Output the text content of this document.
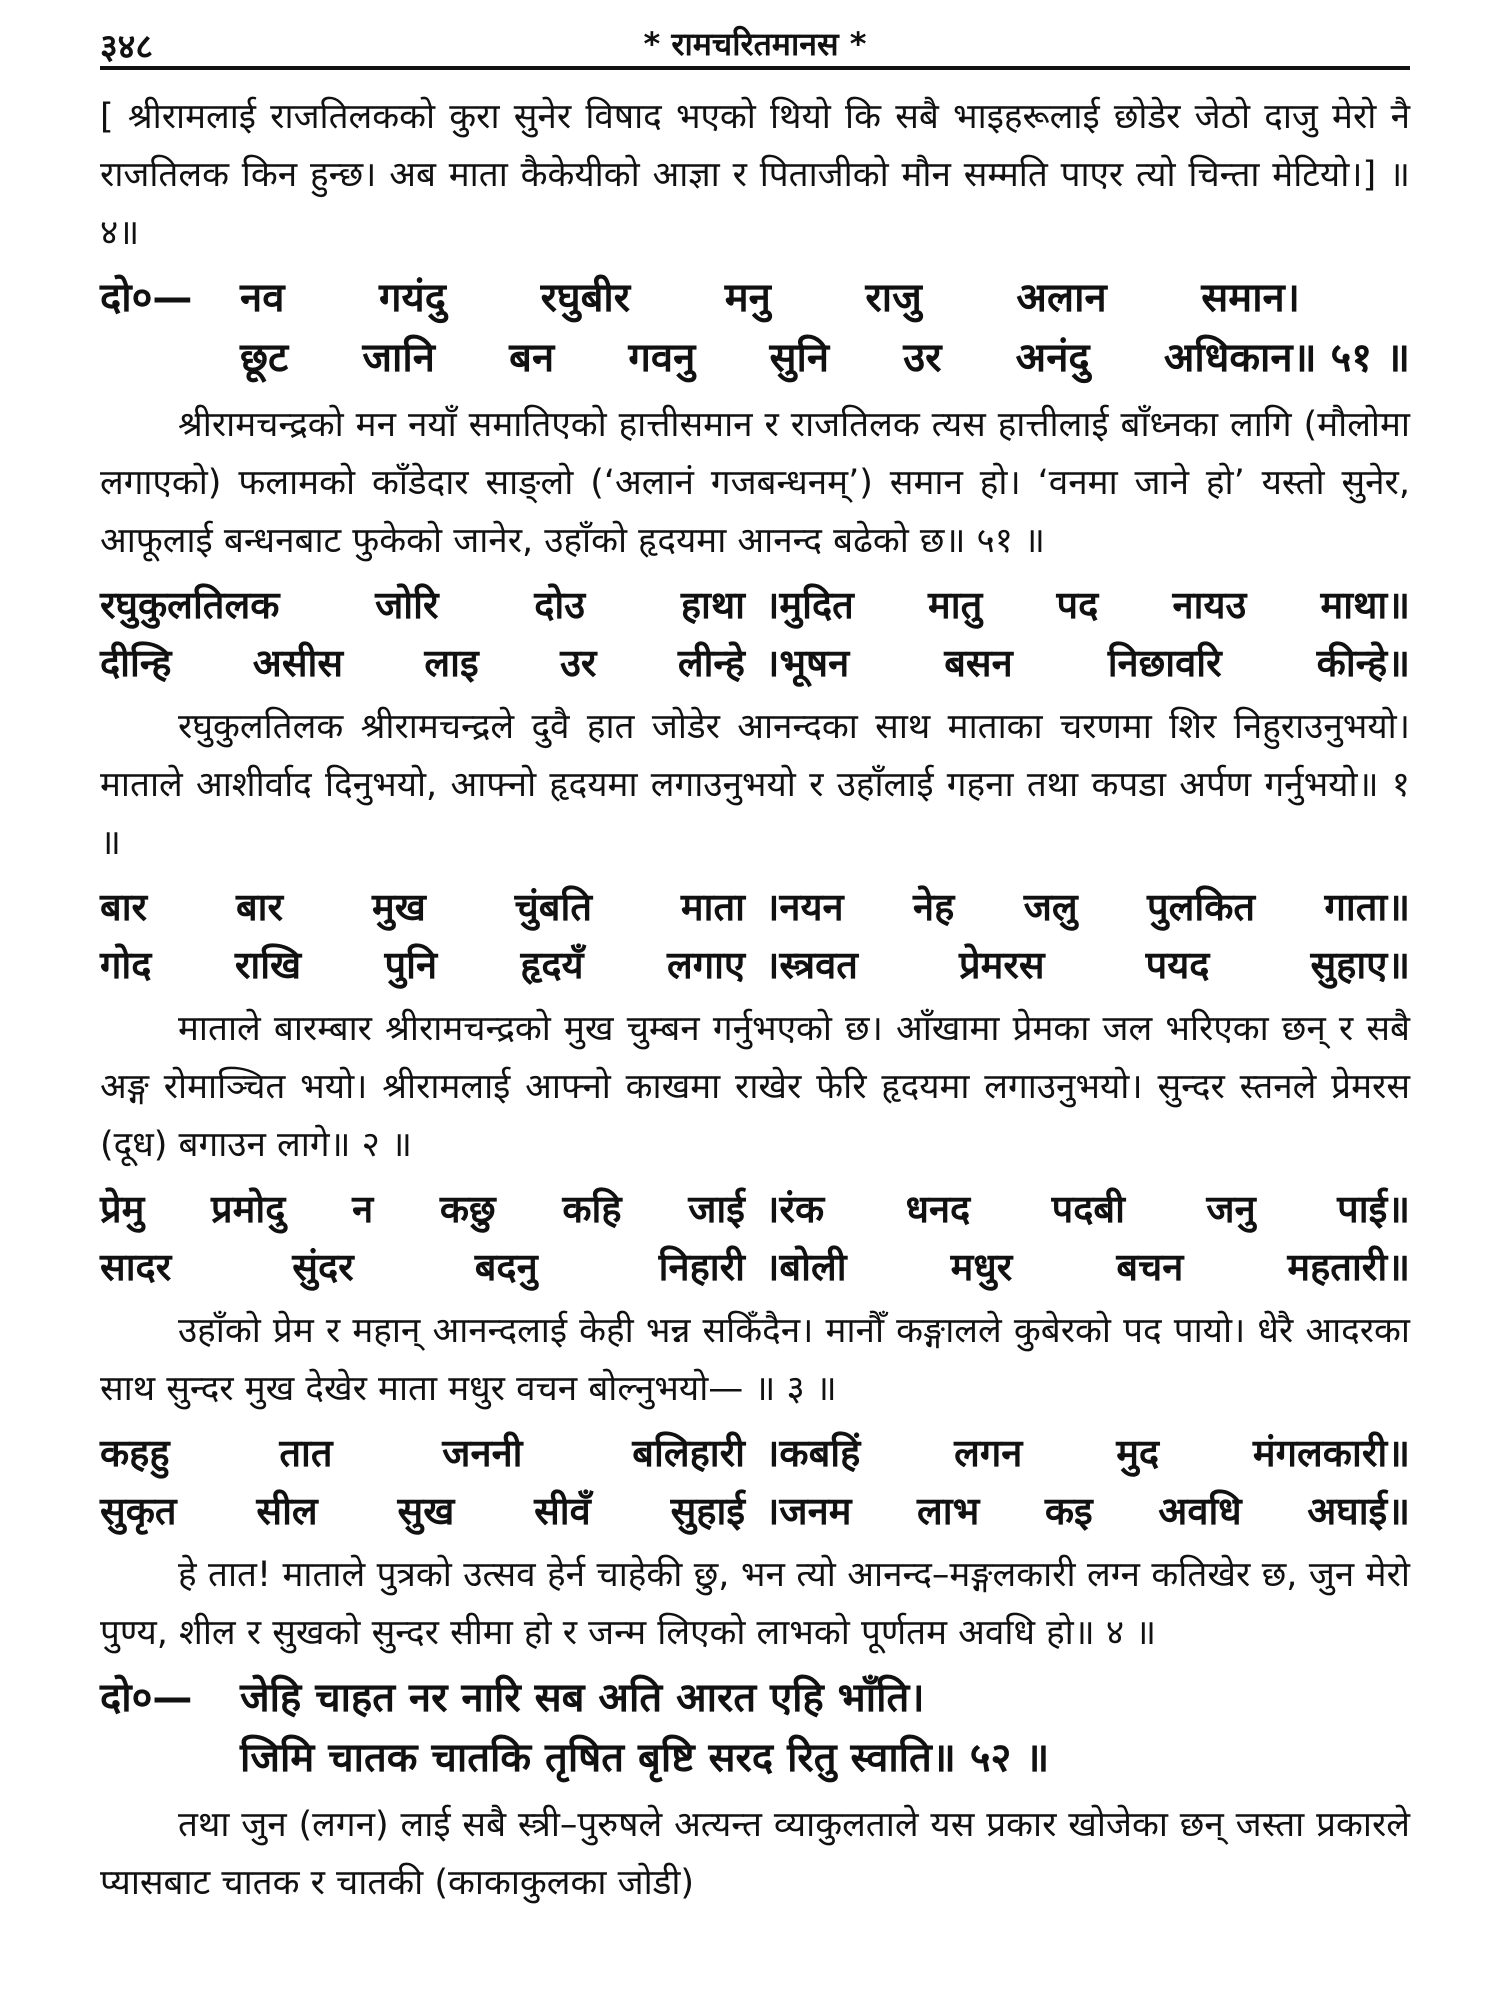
३४८	* रामचरितमानस *

[ श्रीरामलाई राजतिलकको कुरा सुनेर विषाद भएको थियो कि सबै भाइहरूलाई छोडेर जेठो दाजु मेरो नै राजतिलक किन हुन्छ। अब माता कैकेयीको आज्ञा र पिताजीको मौन सम्मति पाएर त्यो चिन्ता मेटियो।] ॥ ४॥

दो०—	नव गयंदु रघुबीर मनु राजु अलान समान।
छूट जानि बन गवनु सुनि उर अनंदु अधिकान॥ ५१ ॥

श्रीरामचन्द्रको मन नयाँ समातिएको हात्तीसमान र राजतिलक त्यस हात्तीलाई बाँध्नका लागि (मौलोमा लगाएको) फलामको काँडेदार साङ्लो (‘अलानं गजबन्धनम्’) समान हो। ‘वनमा जाने हो’ यस्तो सुनेर, आफूलाई बन्धनबाट फुकेको जानेर, उहाँको हृदयमा आनन्द बढेको छ॥ ५१ ॥

रघुकुलतिलक	जोरि	दोउ	हाथा ।मुदित मातु पद नायउ माथा॥
दीन्हि असीस लाइ उर लीन्हे ।भूषन	बसन	निछावरि	कीन्हे॥

रघुकुलतिलक श्रीरामचन्द्रले दुवै हात जोडेर आनन्दका साथ माताका चरणमा शिर निहुराउनुभयो। माताले आशीर्वाद दिनुभयो, आफ्नो हृदयमा लगाउनुभयो र उहाँलाई गहना तथा कपडा अर्पण गर्नुभयो॥ १ ॥

बार बार मुख चुंबति माता ।नयन नेह जलु पुलकित गाता॥
गोद राखि पुनि हृदयँ लगाए ।स्त्रवत	प्रेमरस	पयद	सुहाए॥

माताले बारम्बार श्रीरामचन्द्रको मुख चुम्बन गर्नुभएको छ। आँखामा प्रेमका जल भरिएका छन् र सबै अङ्ग रोमाञ्चित भयो। श्रीरामलाई आफ्नो काखमा राखेर फेरि हृदयमा लगाउनुभयो। सुन्दर स्तनले प्रेमरस (दूध) बगाउन लागे॥ २ ॥

प्रेमु प्रमोदु न कछु कहि जाई ।रंक धनद पदबी जनु पाई॥
सादर	सुंदर	बदनु	निहारी ।बोली	मधुर	बचन	महतारी॥

उहाँको प्रेम र महान् आनन्दलाई केही भन्न सकिँदैन। मानौँ कङ्गालले कुबेरको पद पायो। धेरै आदरका साथ सुन्दर मुख देखेर माता मधुर वचन बोल्नुभयो— ॥ ३ ॥

कहहु	तात	जननी	बलिहारी ।कबहिं लगन मुद मंगलकारी॥
सुकृत सील सुख सीवँ सुहाई ।जनम लाभ कइ अवधि अघाई॥

हे तात! माताले पुत्रको उत्सव हेर्न चाहेकी छु, भन त्यो आनन्द–मङ्गलकारी लग्न कतिखेर छ, जुन मेरो पुण्य, शील र सुखको सुन्दर सीमा हो र जन्म लिएको लाभको पूर्णतम अवधि हो॥ ४ ॥

दो०—	जेहि चाहत नर नारि सब अति आरत एहि भाँति।
जिमि चातक चातकि तृषित बृष्टि सरद रितु स्वाति॥ ५२ ॥

तथा जुन (लगन) लाई सबै स्त्री–पुरुषले अत्यन्त व्याकुलताले यस प्रकार खोजेका छन् जस्ता प्रकारले प्यासबाट चातक र चातकी (काकाकुलका जोडी)
